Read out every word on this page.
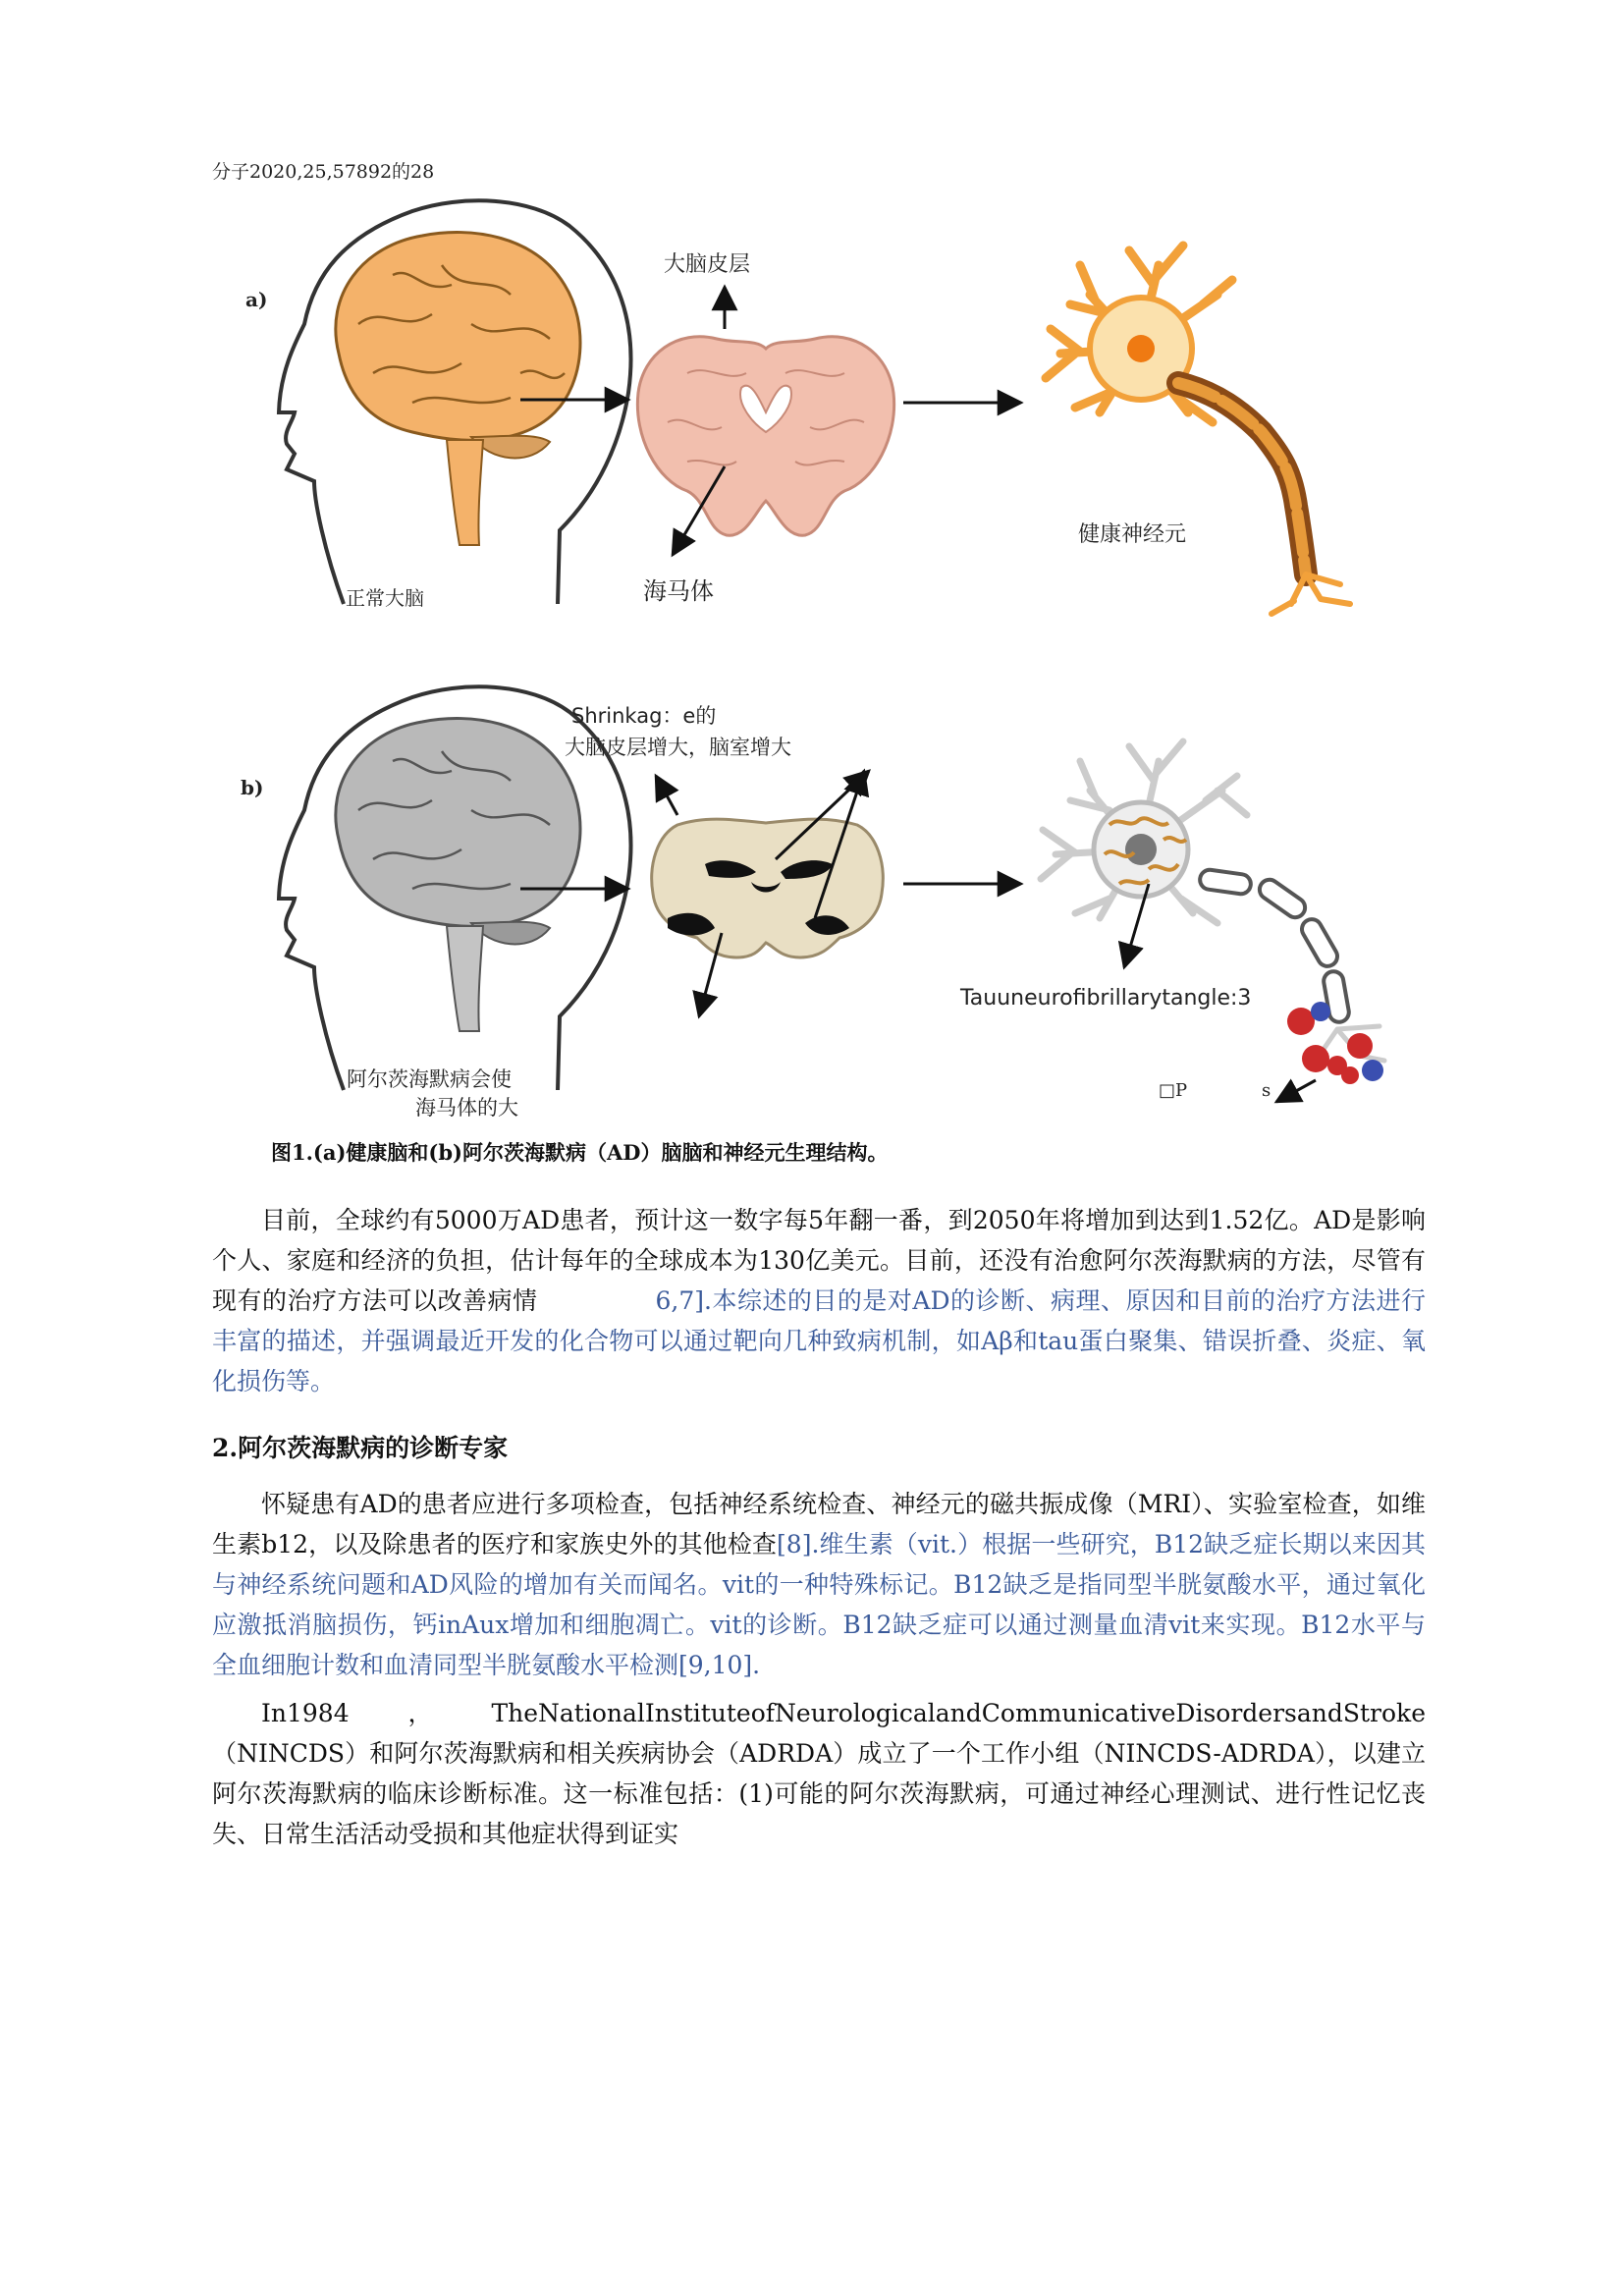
分子2020,25,57892的28
a)
大脑皮层
海马体
正常大脑
健康神经元
b)
Shrinkag：e的
大脑皮层增大，脑室增大
Tauuneurofibrillarytangle:3
阿尔茨海默病会使
海马体的大
□P	s
图1.(a)健康脑和(b)阿尔茨海默病（AD）脑脑和神经元生理结构。

目前，全球约有5000万AD患者，预计这一数字每5年翻一番，到2050年将增加到达到1.52亿。AD是影响个人、家庭和经济的负担，估计每年的全球成本为130亿美元。目前，还没有治愈阿尔茨海默病的方法，尽管有现有的治疗方法可以改善病情	6,7].本综述的目的是对AD的诊断、病理、原因和目前的治疗方法进行丰富的描述，并强调最近开发的化合物可以通过靶向几种致病机制，如Aβ和tau蛋白聚集、错误折叠、炎症、氧化损伤等。

2.阿尔茨海默病的诊断专家

怀疑患有AD的患者应进行多项检查，包括神经系统检查、神经元的磁共振成像（MRI）、实验室检查，如维生素b12，以及除患者的医疗和家族史外的其他检查[8].维生素（vit.）根据一些研究，B12缺乏症长期以来因其与神经系统问题和AD风险的增加有关而闻名。vit的一种特殊标记。B12缺乏是指同型半胱氨酸水平，通过氧化应激抵消脑损伤，钙inAux增加和细胞凋亡。vit的诊断。B12缺乏症可以通过测量血清vit来实现。B12水平与全血细胞计数和血清同型半胱氨酸水平检测[9,10].

In1984，TheNationalInstituteofNeurologicalandCommunicativeDisordersandStroke（NINCDS）和阿尔茨海默病和相关疾病协会（ADRDA）成立了一个工作小组（NINCDS-ADRDA），以建立阿尔茨海默病的临床诊断标准。这一标准包括：(1)可能的阿尔茨海默病，可通过神经心理测试、进行性记忆丧失、日常生活活动受损和其他症状得到证实
